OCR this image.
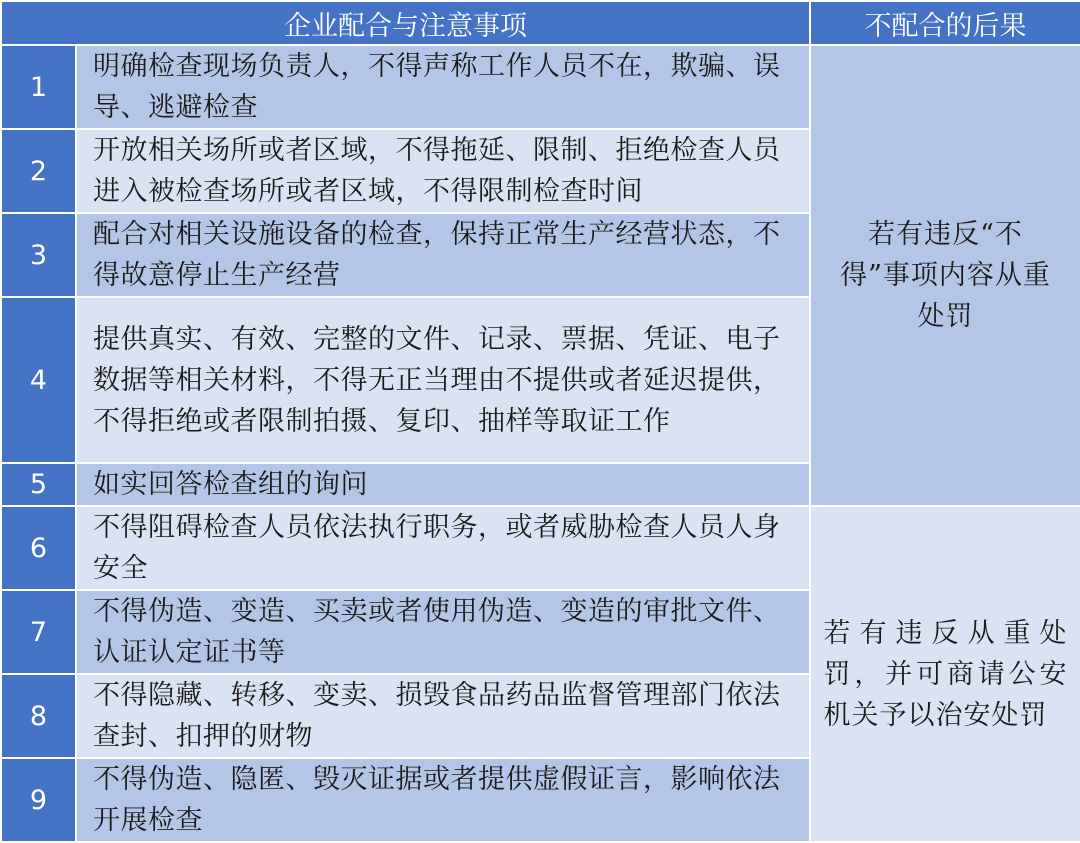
企业配合与注意事项		不配合的后果
1	明确检查现场负责人，不得声称工作人员不在，欺骗、误导、逃避检查	若有违反“不得”事项内容从重处罚

2	开放相关场所或者区域，不得拖延、限制、拒绝检查人员进入被检查场所或者区域，不得限制检查时间	
3	配合对相关设施设备的检查，保持正常生产经营状态，不得故意停止生产经营	
4	提供真实、有效、完整的文件、记录、票据、凭证、电子数据等相关材料，不得无正当理由不提供或者延迟提供，不得拒绝或者限制拍摄、复印、抽样等取证工作	
5	如实回答检查组的询问	
6	不得阻碍检查人员依法执行职务，或者威胁检查人员人身安全	若有违反从重处罚，并可商请公安机关予以治安处罚

7	不得伪造、变造、买卖或者使用伪造、变造的审批文件、认证认定证书等	
8	不得隐藏、转移、变卖、损毁食品药品监督管理部门依法查封、扣押的财物	
9	不得伪造、隐匿、毁灭证据或者提供虚假证言，影响依法开展检查	
